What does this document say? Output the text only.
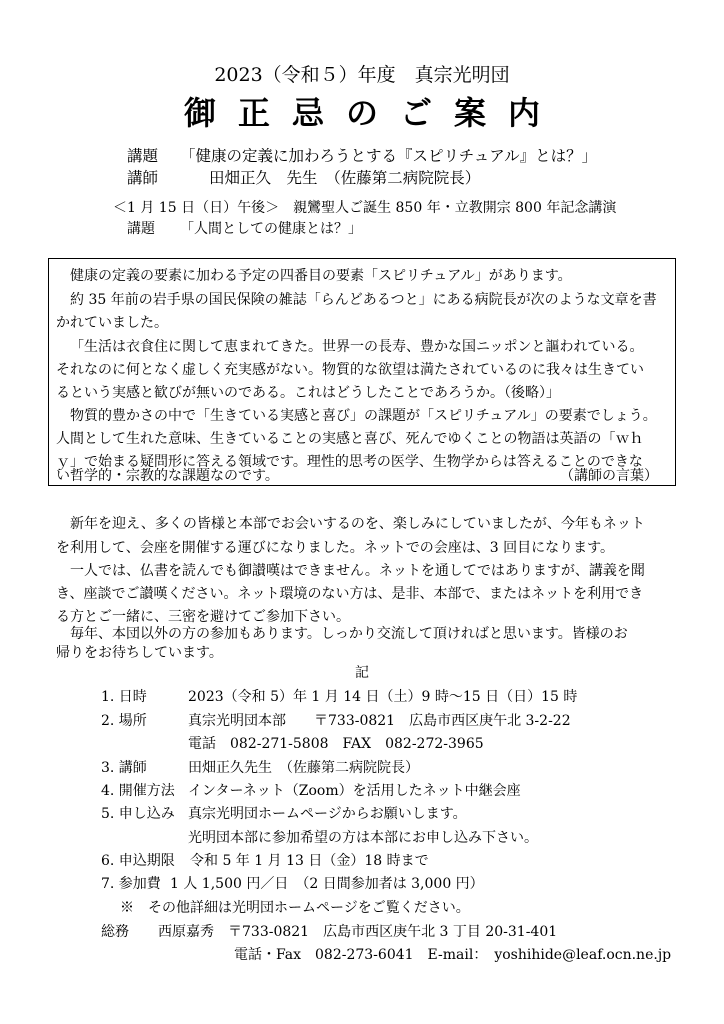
2023（令和５）年度　真宗光明団
御正忌のご案内
講題 「健康の定義に加わろうとする『スピリチュアル』とは？」
講師	田畑正久　先生　（佐藤第二病院院長）
＜1 月 15 日（日）午後＞　親鸞聖人ご誕生 850 年・立教開宗 800 年記念講演
講題 「人間としての健康とは？」
健康の定義の要素に加わる予定の四番目の要素「スピリチュアル」があります。
約 35 年前の岩手県の国民保険の雑誌「らんどあるつと」にある病院長が次のような文章を書
かれていました。
「生活は衣食住に関して恵まれてきた。世界一の長寿、豊かな国ニッポンと謳われている。
それなのに何となく虚しく充実感がない。物質的な欲望は満たされているのに我々は生きてい
るという実感と歓びが無いのである。これはどうしたことであろうか。（後略）」
物質的豊かさの中で「生きている実感と喜び」の課題が「スピリチュアル」の要素でしょう。
人間として生れた意味、生きていることの実感と喜び、死んでゆくことの物語は英語の「ｗｈ
ｙ」で始まる疑問形に答える領域です。理性的思考の医学、生物学からは答えることのできな
い哲学的・宗教的な課題なのです。	（講師の言葉）
新年を迎え、多くの皆様と本部でお会いするのを、楽しみにしていましたが、今年もネット
を利用して、会座を開催する運びになりました。ネットでの会座は、3 回目になります。
一人では、仏書を読んでも御讃嘆はできません。ネットを通してではありますが、講義を聞
き、座談でご讃嘆ください。ネット環境のない方は、是非、本部で、またはネットを利用でき
る方とご一緒に、三密を避けてご参加下さい。
毎年、本団以外の方の参加もあります。しっかり交流して頂ければと思います。皆様のお
帰りをお待ちしています。
記
1. 日時	2023（令和 5）年 1 月 14 日（土）9 時〜15 日（日）15 時
2. 場所	真宗光明団本部　　〒733-0821　広島市西区庚午北 3-2-22
電話　082-271-5808　FAX　082-272-3965
3. 講師	田畑正久先生　（佐藤第二病院院長）
4. 開催方法 インターネット（Zoom）を活用したネット中継会座
5. 申し込み 真宗光明団ホームページからお願いします。
光明団本部に参加希望の方は本部にお申し込み下さい。
6. 申込期限 令和 5 年 1 月 13 日（金）18 時まで
7. 参加費 1 人 1,500 円／日　（2 日間参加者は 3,000 円）
※　その他詳細は光明団ホームページをご覧ください。
総務 西原嘉秀　〒733-0821　広島市西区庚午北 3 丁目 20-31-401
電話・Fax　082-273-6041　E-mail：　yoshihide@leaf.ocn.ne.jp
